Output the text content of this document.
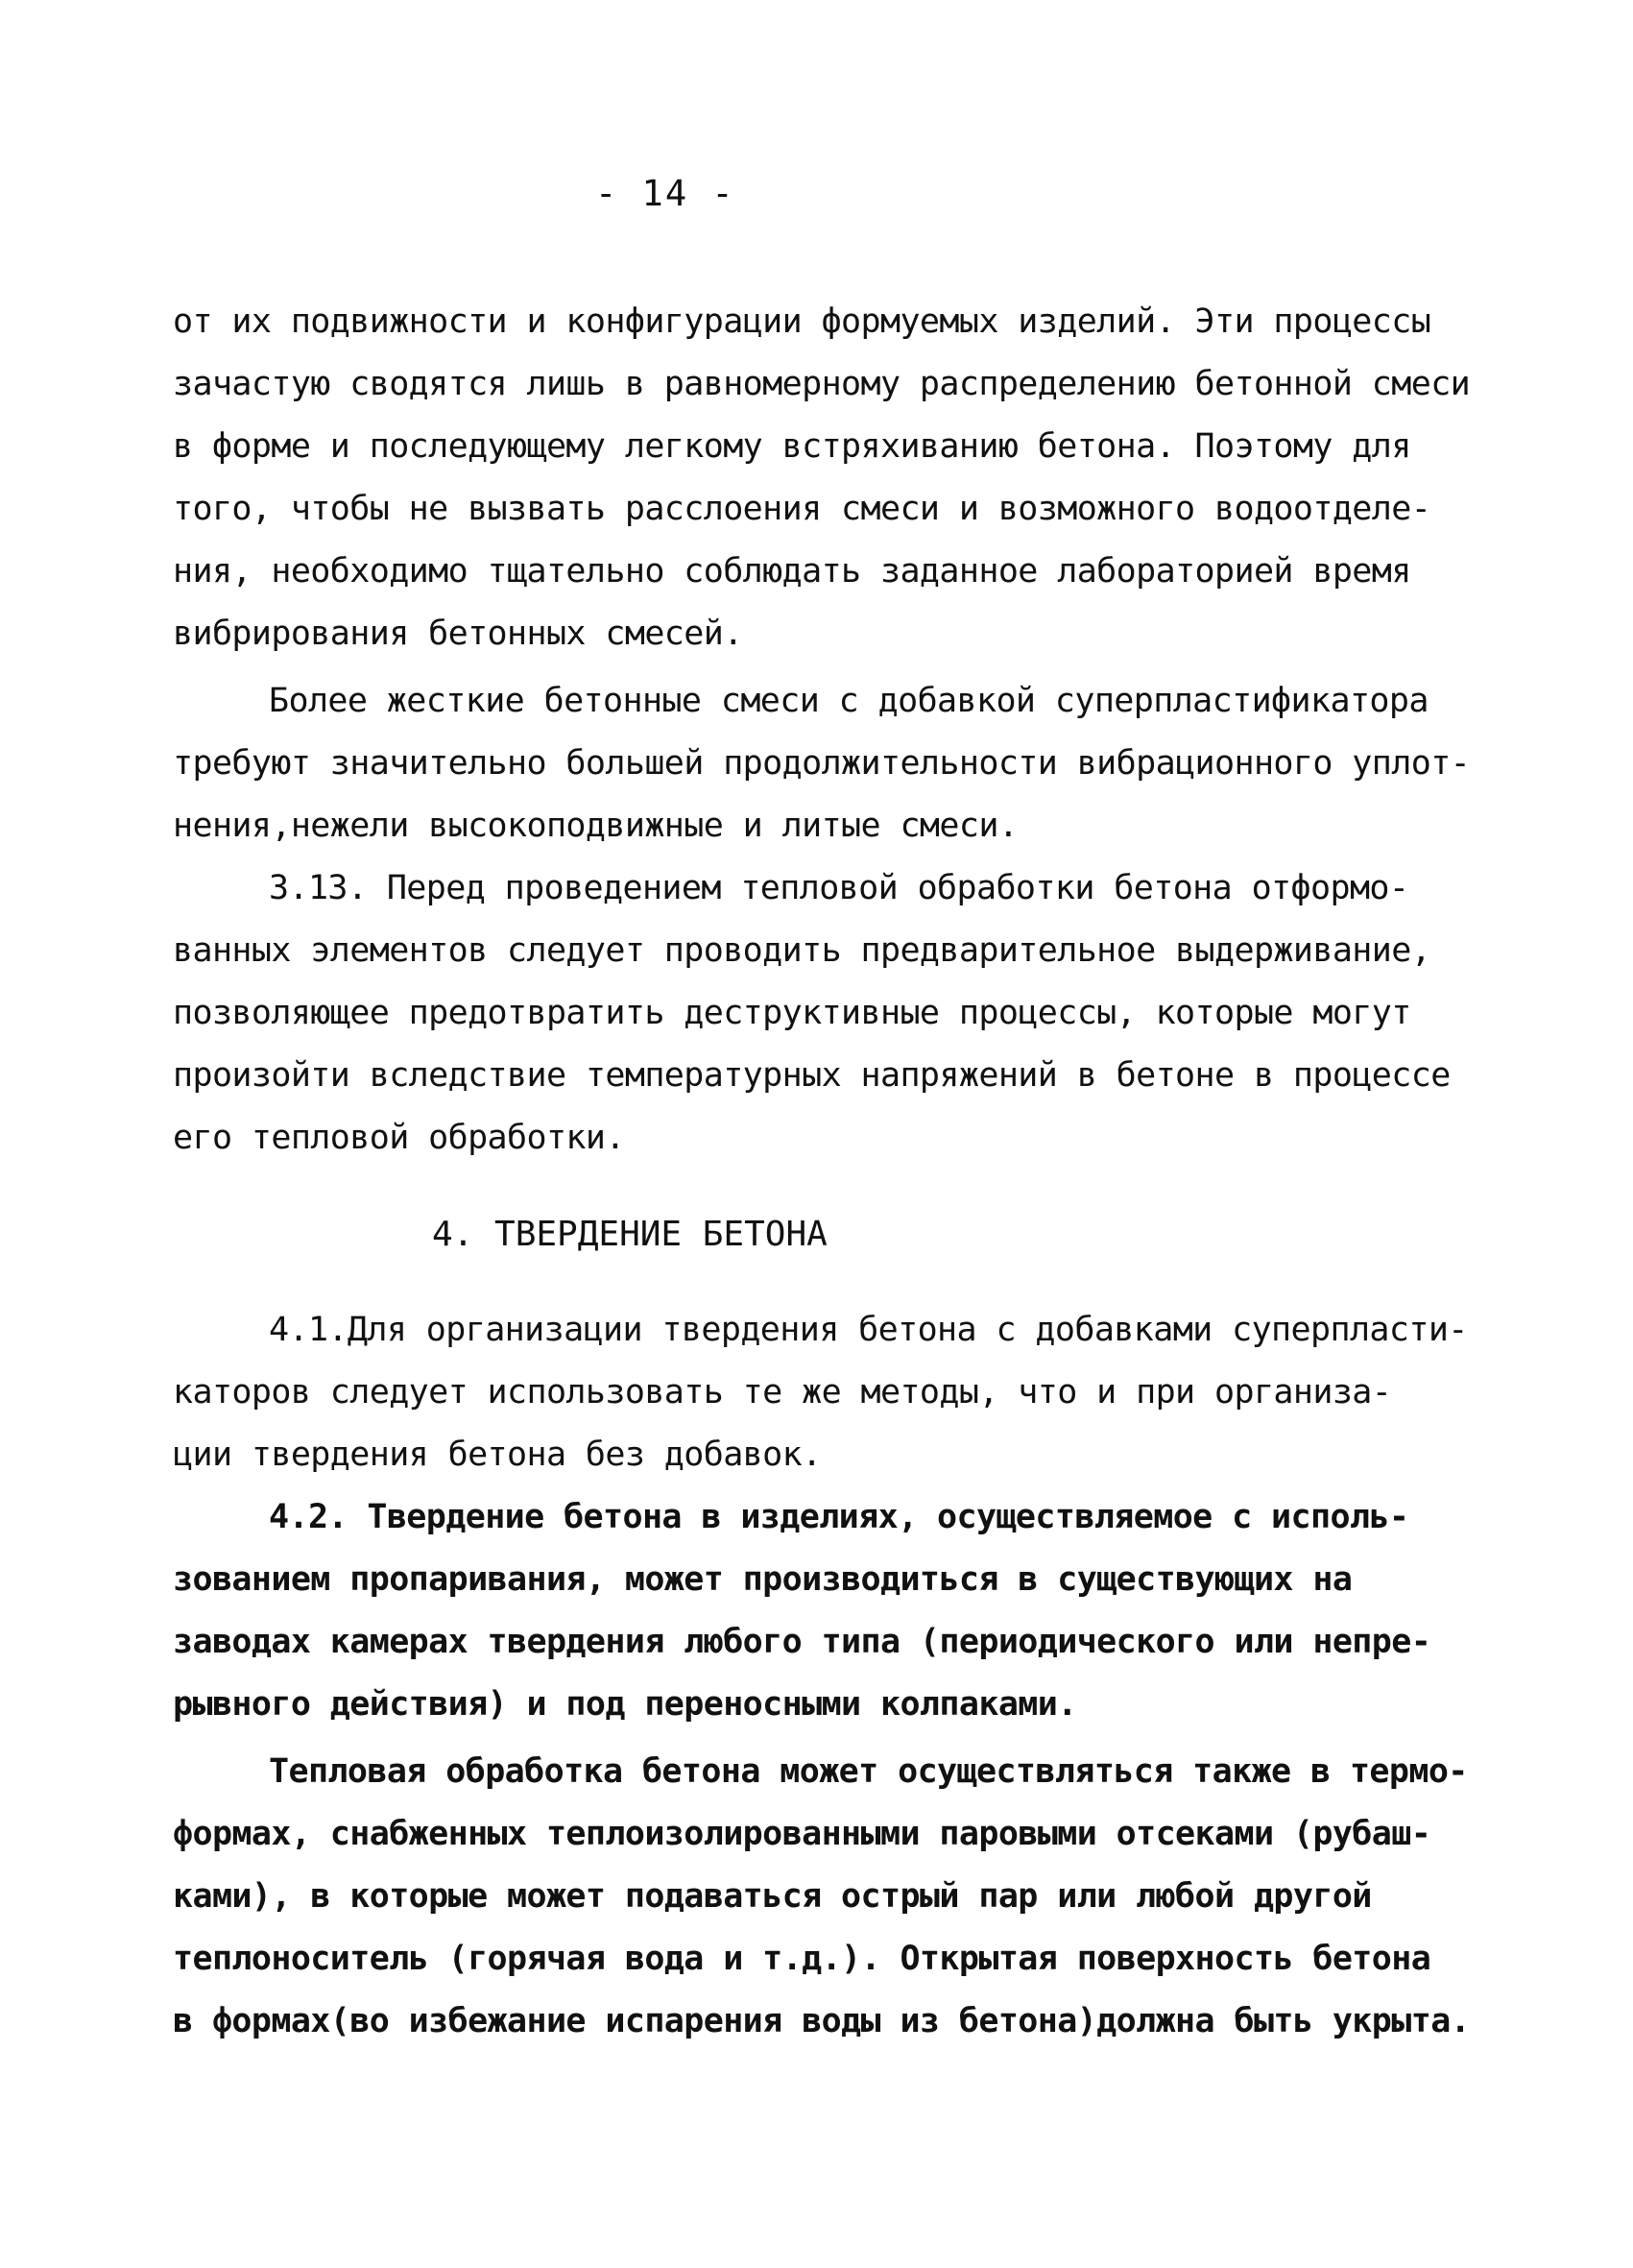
- 14 -
от их подвижности и конфигурации формуемых изделий. Эти процессы
зачастую сводятся лишь в равномерному распределению бетонной смеси
в форме и последующему легкому встряхиванию бетона. Поэтому для
того, чтобы не вызвать расслоения смеси и возможного водоотделе-
ния, необходимо тщательно соблюдать заданное лабораторией время
вибрирования бетонных смесей.
Более жесткие бетонные смеси с добавкой суперпластификатора
требуют значительно большей продолжительности вибрационного уплот-
нения,нежели высокоподвижные и литые смеси.
3.13. Перед проведением тепловой обработки бетона отформо-
ванных элементов следует проводить предварительное выдерживание,
позволяющее предотвратить деструктивные процессы, которые могут
произойти вследствие температурных напряжений в бетоне в процессе
его тепловой обработки.
4. ТВЕРДЕНИЕ БЕТОНА
4.1.Для организации твердения бетона с добавками суперпласти-
каторов следует использовать те же методы, что и при организа-
ции твердения бетона без добавок.
4.2. Твердение бетона в изделиях, осуществляемое с исполь-
зованием пропаривания, может производиться в существующих на
заводах камерах твердения любого типа (периодического или непре-
рывного действия) и под переносными колпаками.
Тепловая обработка бетона может осуществляться также в термо-
формах, снабженных теплоизолированными паровыми отсеками (рубаш-
ками), в которые может подаваться острый пар или любой другой
теплоноситель (горячая вода и т.д.). Открытая поверхность бетона
в формах(во избежание испарения воды из бетона)должна быть укрыта.
